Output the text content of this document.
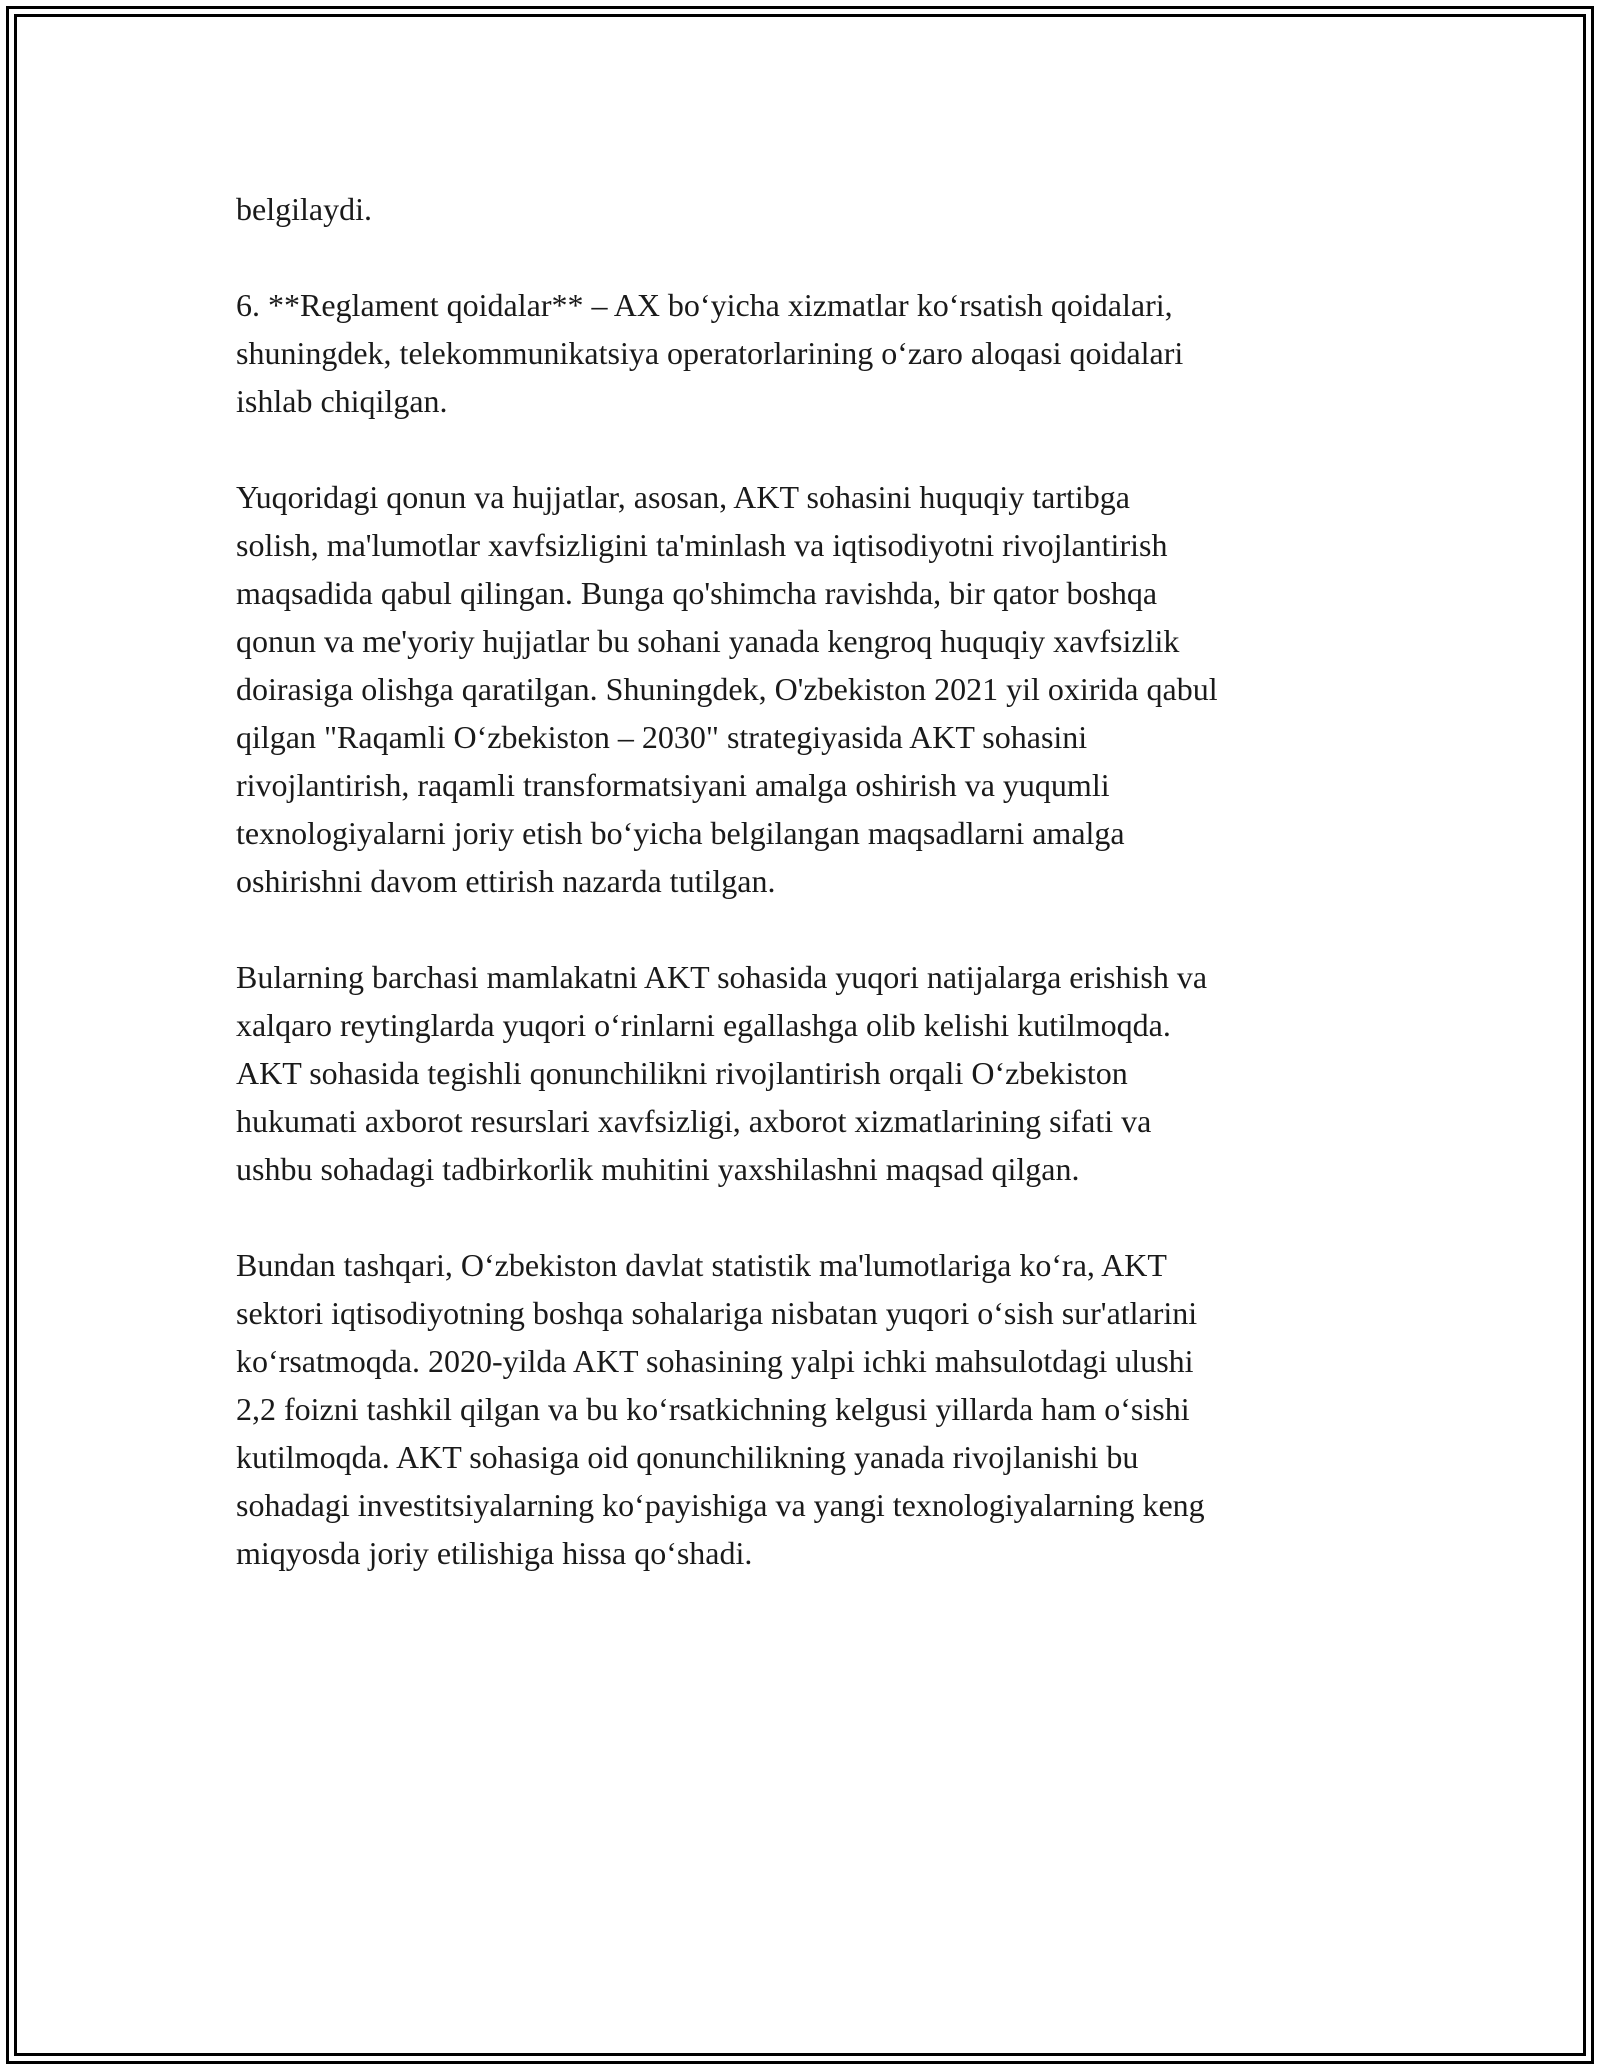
belgilaydi.

6. **Reglament qoidalar** – AX bo‘yicha xizmatlar ko‘rsatish qoidalari,
shuningdek, telekommunikatsiya operatorlarining o‘zaro aloqasi qoidalari
ishlab chiqilgan.

Yuqoridagi qonun va hujjatlar, asosan, AKT sohasini huquqiy tartibga
solish, ma'lumotlar xavfsizligini ta'minlash va iqtisodiyotni rivojlantirish
maqsadida qabul qilingan. Bunga qo'shimcha ravishda, bir qator boshqa
qonun va me'yoriy hujjatlar bu sohani yanada kengroq huquqiy xavfsizlik
doirasiga olishga qaratilgan. Shuningdek, O'zbekiston 2021 yil oxirida qabul
qilgan "Raqamli O‘zbekiston – 2030" strategiyasida AKT sohasini
rivojlantirish, raqamli transformatsiyani amalga oshirish va yuqumli
texnologiyalarni joriy etish bo‘yicha belgilangan maqsadlarni amalga
oshirishni davom ettirish nazarda tutilgan.

Bularning barchasi mamlakatni AKT sohasida yuqori natijalarga erishish va
xalqaro reytinglarda yuqori o‘rinlarni egallashga olib kelishi kutilmoqda.
AKT sohasida tegishli qonunchilikni rivojlantirish orqali O‘zbekiston
hukumati axborot resurslari xavfsizligi, axborot xizmatlarining sifati va
ushbu sohadagi tadbirkorlik muhitini yaxshilashni maqsad qilgan.

Bundan tashqari, O‘zbekiston davlat statistik ma'lumotlariga ko‘ra, AKT
sektori iqtisodiyotning boshqa sohalariga nisbatan yuqori o‘sish sur'atlarini
ko‘rsatmoqda. 2020-yilda AKT sohasining yalpi ichki mahsulotdagi ulushi
2,2 foizni tashkil qilgan va bu ko‘rsatkichning kelgusi yillarda ham o‘sishi
kutilmoqda. AKT sohasiga oid qonunchilikning yanada rivojlanishi bu
sohadagi investitsiyalarning ko‘payishiga va yangi texnologiyalarning keng
miqyosda joriy etilishiga hissa qo‘shadi.
